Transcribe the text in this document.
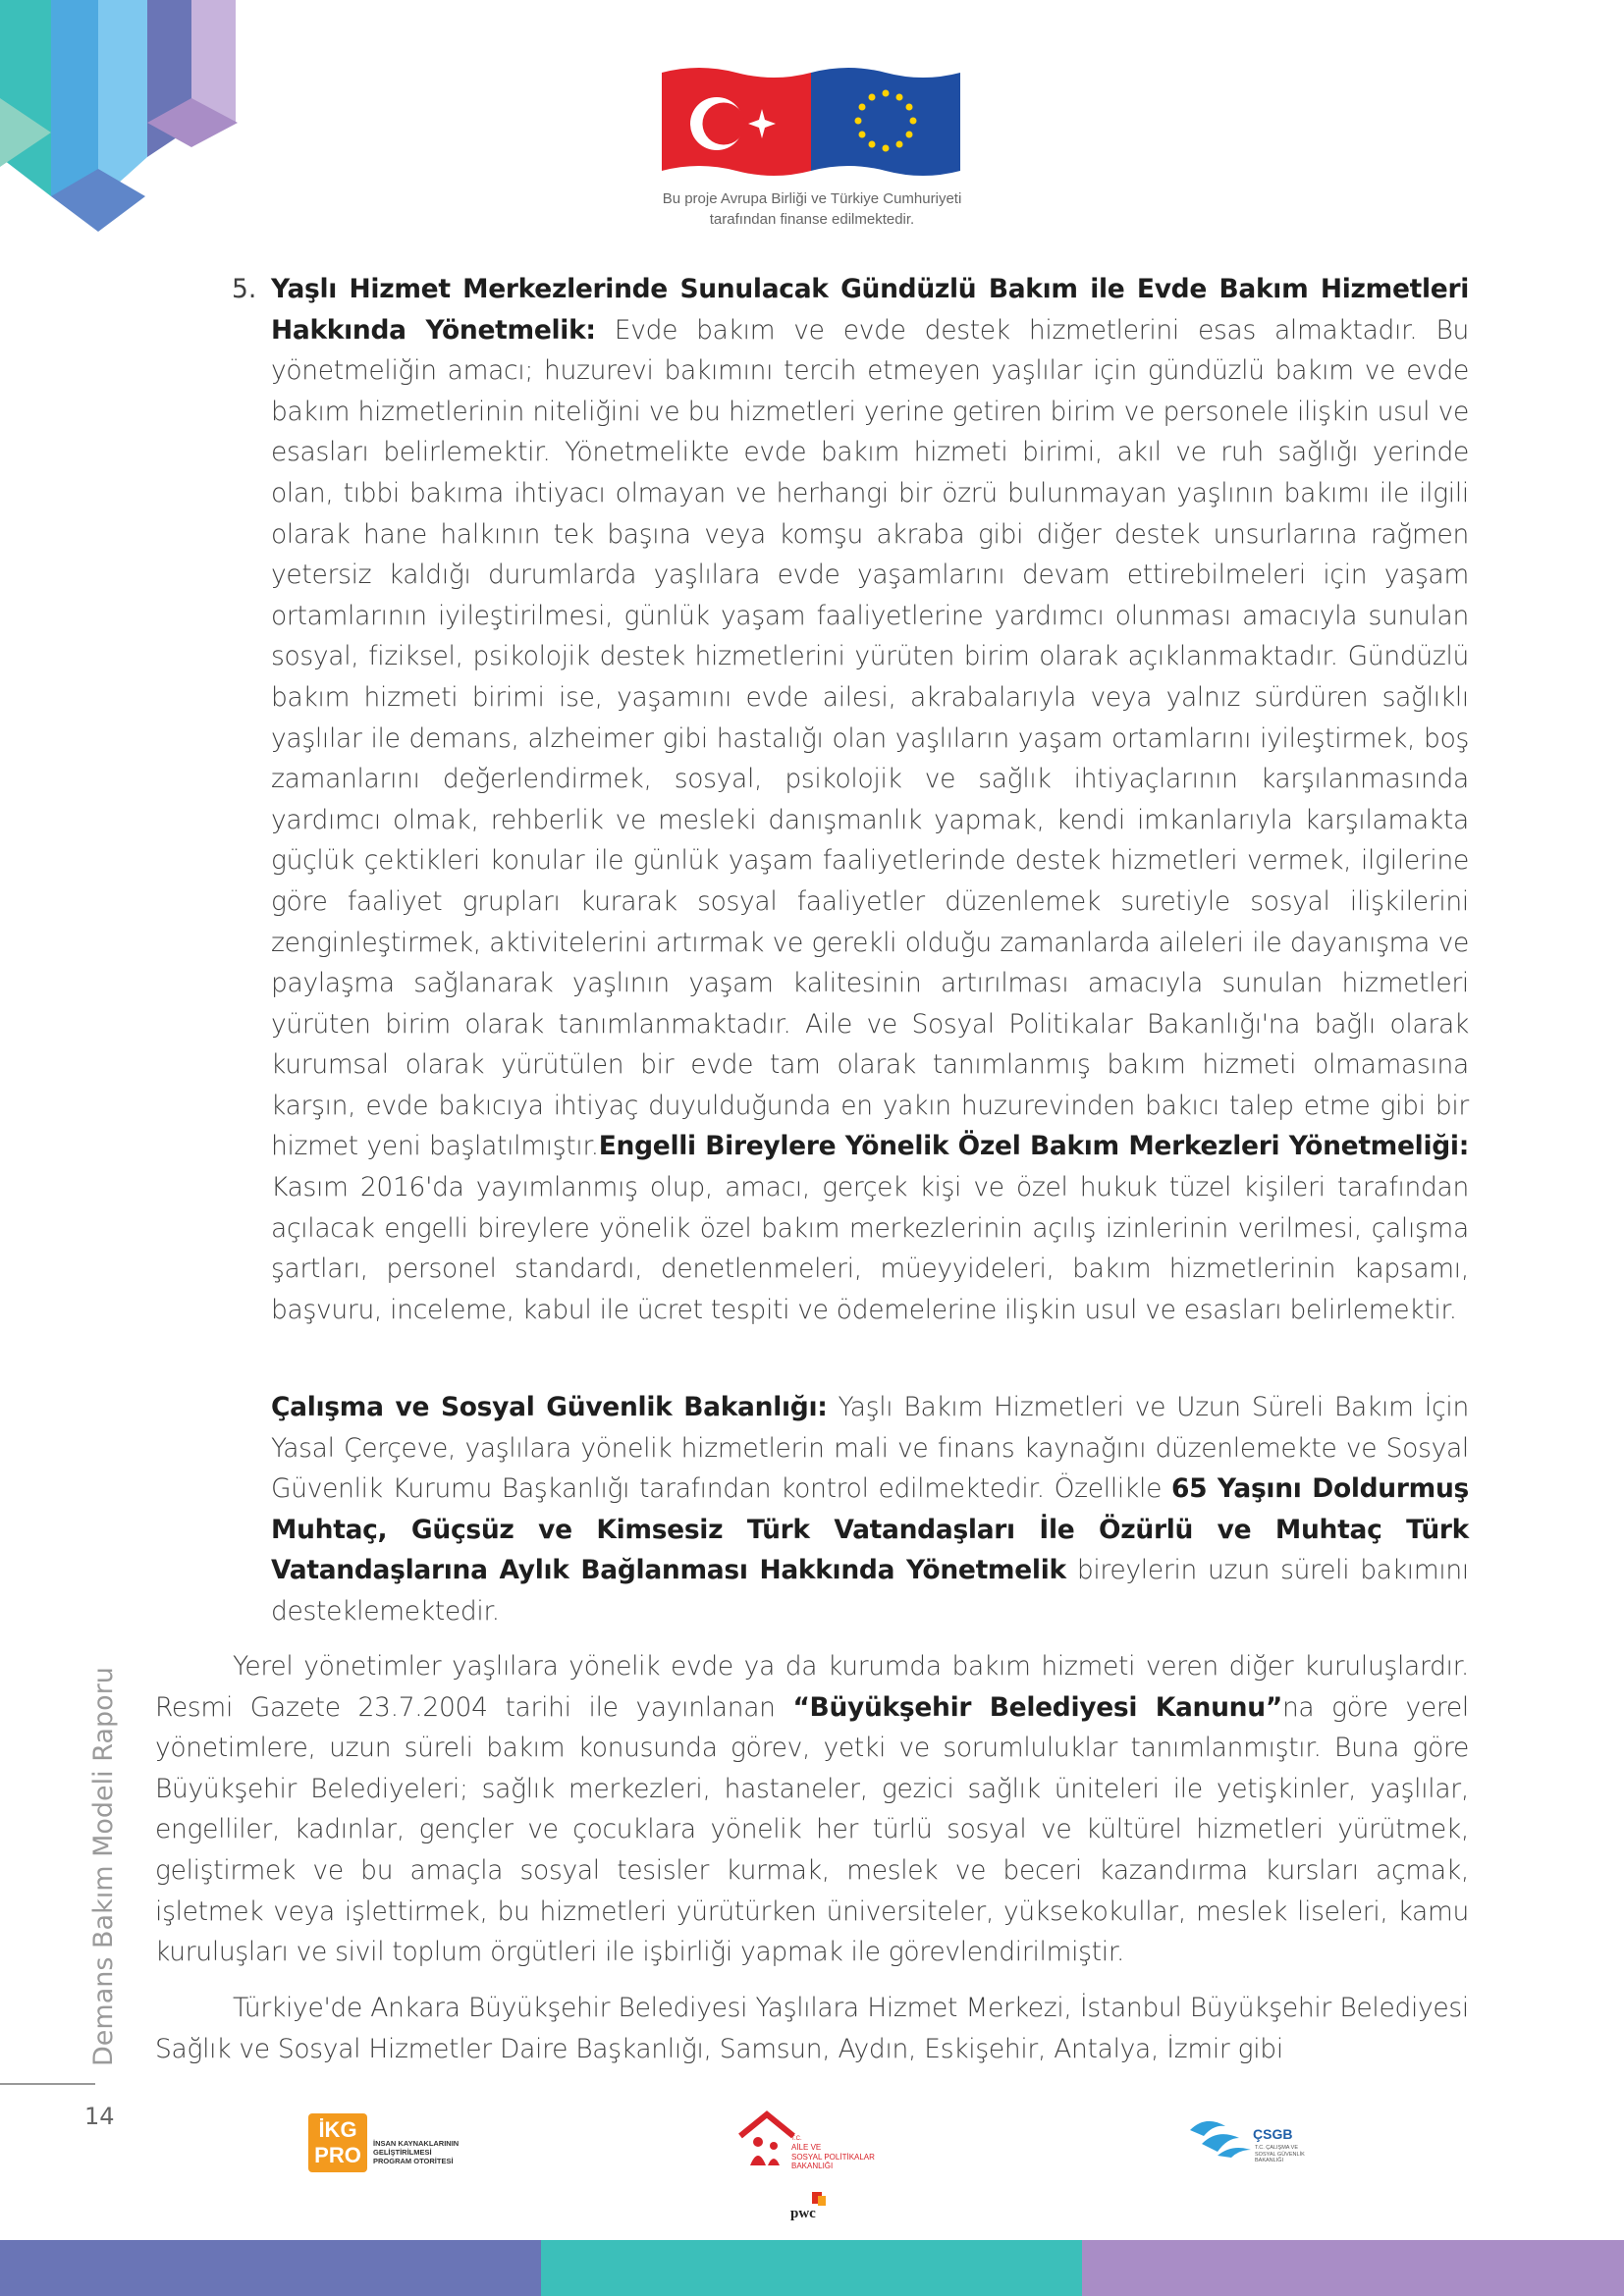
Bu proje Avrupa Birliği ve Türkiye Cumhuriyeti
tarafından finanse edilmektedir.
5. Yaşlı Hizmet Merkezlerinde Sunulacak Gündüzlü Bakım ile Evde Bakım Hizmetleri Hakkında Yönetmelik: Evde bakım ve evde destek hizmetlerini esas almaktadır. Bu yönetmeliğin amacı; huzurevi bakımını tercih etmeyen yaşlılar için gündüzlü bakım ve evde bakım hizmetlerinin niteliğini ve bu hizmetleri yerine getiren birim ve personele ilişkin usul ve esasları belirlemektir. Yönetmelikte evde bakım hizmeti birimi, akıl ve ruh sağlığı yerinde olan, tıbbi bakıma ihtiyacı olmayan ve herhangi bir özrü bulunmayan yaşlının bakımı ile ilgili olarak hane halkının tek başına veya komşu akraba gibi diğer destek unsurlarına rağmen yetersiz kaldığı durumlarda yaşlılara evde yaşamlarını devam ettirebilmeleri için yaşam ortamlarının iyileştirilmesi, günlük yaşam faaliyetlerine yardımcı olunması amacıyla sunulan sosyal, fiziksel, psikolojik destek hizmetlerini yürüten birim olarak açıklanmaktadır. Gündüzlü bakım hizmeti birimi ise, yaşamını evde ailesi, akrabalarıyla veya yalnız sürdüren sağlıklı yaşlılar ile demans, alzheimer gibi hastalığı olan yaşlıların yaşam ortamlarını iyileştirmek, boş zamanlarını değerlendirmek, sosyal, psikolojik ve sağlık ihtiyaçlarının karşılanmasında yardımcı olmak, rehberlik ve mesleki danışmanlık yapmak, kendi imkanlarıyla karşılamakta güçlük çektikleri konular ile günlük yaşam faaliyetlerinde destek hizmetleri vermek, ilgilerine göre faaliyet grupları kurarak sosyal faaliyetler düzenlemek suretiyle sosyal ilişkilerini zenginleştirmek, aktivitelerini artırmak ve gerekli olduğu zamanlarda aileleri ile dayanışma ve paylaşma sağlanarak yaşlının yaşam kalitesinin artırılması amacıyla sunulan hizmetleri yürüten birim olarak tanımlanmaktadır. Aile ve Sosyal Politikalar Bakanlığı'na bağlı olarak kurumsal olarak yürütülen bir evde tam olarak tanımlanmış bakım hizmeti olmamasına karşın, evde bakıcıya ihtiyaç duyulduğunda en yakın huzurevinden bakıcı talep etme gibi bir hizmet yeni başlatılmıştır.Engelli Bireylere Yönelik Özel Bakım Merkezleri Yönetmeliği: Kasım 2016'da yayımlanmış olup, amacı, gerçek kişi ve özel hukuk tüzel kişileri tarafından açılacak engelli bireylere yönelik özel bakım merkezlerinin açılış izinlerinin verilmesi, çalışma şartları, personel standardı, denetlenmeleri, müeyyideleri, bakım hizmetlerinin kapsamı, başvuru, inceleme, kabul ile ücret tespiti ve ödemelerine ilişkin usul ve esasları belirlemektir.
Çalışma ve Sosyal Güvenlik Bakanlığı: Yaşlı Bakım Hizmetleri ve Uzun Süreli Bakım İçin Yasal Çerçeve, yaşlılara yönelik hizmetlerin mali ve finans kaynağını düzenlemekte ve Sosyal Güvenlik Kurumu Başkanlığı tarafından kontrol edilmektedir. Özellikle 65 Yaşını Doldurmuş Muhtaç, Güçsüz ve Kimsesiz Türk Vatandaşları İle Özürlü ve Muhtaç Türk Vatandaşlarına Aylık Bağlanması Hakkında Yönetmelik bireylerin uzun süreli bakımını desteklemektedir.
Yerel yönetimler yaşlılara yönelik evde ya da kurumda bakım hizmeti veren diğer kuruluşlardır. Resmi Gazete 23.7.2004 tarihi ile yayınlanan “Büyükşehir Belediyesi Kanunu”na göre yerel yönetimlere, uzun süreli bakım konusunda görev, yetki ve sorumluluklar tanımlanmıştır. Buna göre Büyükşehir Belediyeleri; sağlık merkezleri, hastaneler, gezici sağlık üniteleri ile yetişkinler, yaşlılar, engelliler, kadınlar, gençler ve çocuklara yönelik her türlü sosyal ve kültürel hizmetleri yürütmek, geliştirmek ve bu amaçla sosyal tesisler kurmak, meslek ve beceri kazandırma kursları açmak, işletmek veya işlettirmek, bu hizmetleri yürütürken üniversiteler, yüksekokullar, meslek liseleri, kamu kuruluşları ve sivil toplum örgütleri ile işbirliği yapmak ile görevlendirilmiştir.
Türkiye'de Ankara Büyükşehir Belediyesi Yaşlılara Hizmet Merkezi, İstanbul Büyükşehir Belediyesi Sağlık ve Sosyal Hizmetler Daire Başkanlığı, Samsun, Aydın, Eskişehir, Antalya, İzmir gibi
Demans Bakım Modeli Raporu
14	İKG
PRO	İNSAN KAYNAKLARININ
GELİŞTİRİLMESİ
PROGRAM OTORİTESİ
T.C.
AİLE VE
SOSYAL POLİTİKALAR
BAKANLIĞI
pwc
ÇSGB
T.C. ÇALIŞMA VE
SOSYAL GÜVENLİK
BAKANLIĞI
